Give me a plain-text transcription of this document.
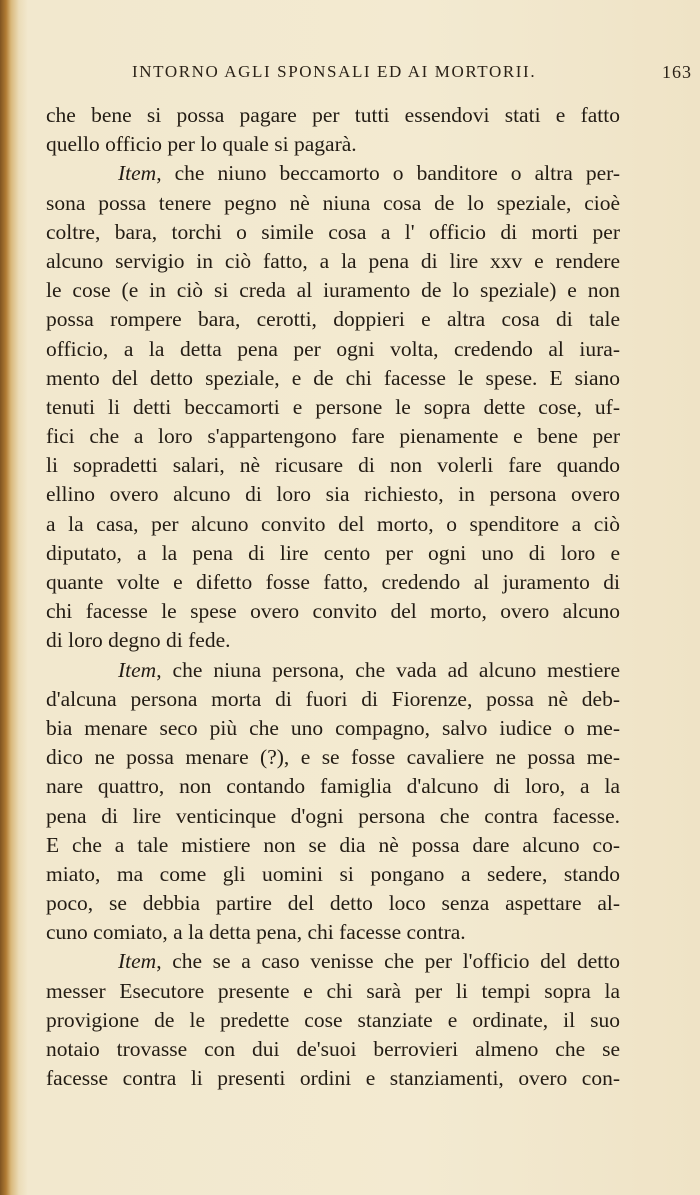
INTORNO AGLI SPONSALI ED AI MORTORII.	163
che bene si possa pagare per tutti essendovi stati e fatto
quello officio per lo quale si pagarà.
Item, che niuno beccamorto o banditore o altra per-
sona possa tenere pegno nè niuna cosa de lo speziale, cioè
coltre, bara, torchi o simile cosa a l' officio di morti per
alcuno servigio in ciò fatto, a la pena di lire xxv e rendere
le cose (e in ciò si creda al iuramento de lo speziale) e non
possa rompere bara, cerotti, doppieri e altra cosa di tale
officio, a la detta pena per ogni volta, credendo al iura-
mento del detto speziale, e de chi facesse le spese. E siano
tenuti li detti beccamorti e persone le sopra dette cose, uf-
fici che a loro s'appartengono fare pienamente e bene per
li sopradetti salari, nè ricusare di non volerli fare quando
ellino overo alcuno di loro sia richiesto, in persona overo
a la casa, per alcuno convito del morto, o spenditore a ciò
diputato, a la pena di lire cento per ogni uno di loro e
quante volte e difetto fosse fatto, credendo al juramento di
chi facesse le spese overo convito del morto, overo alcuno
di loro degno di fede.
Item, che niuna persona, che vada ad alcuno mestiere
d'alcuna persona morta di fuori di Fiorenze, possa nè deb-
bia menare seco più che uno compagno, salvo iudice o me-
dico ne possa menare (?), e se fosse cavaliere ne possa me-
nare quattro, non contando famiglia d'alcuno di loro, a la
pena di lire venticinque d'ogni persona che contra facesse.
E che a tale mistiere non se dia nè possa dare alcuno co-
miato, ma come gli uomini si pongano a sedere, stando
poco, se debbia partire del detto loco senza aspettare al-
cuno comiato, a la detta pena, chi facesse contra.
Item, che se a caso venisse che per l'officio del detto
messer Esecutore presente e chi sarà per li tempi sopra la
provigione de le predette cose stanziate e ordinate, il suo
notaio trovasse con dui de'suoi berrovieri almeno che se
facesse contra li presenti ordini e stanziamenti, overo con-
